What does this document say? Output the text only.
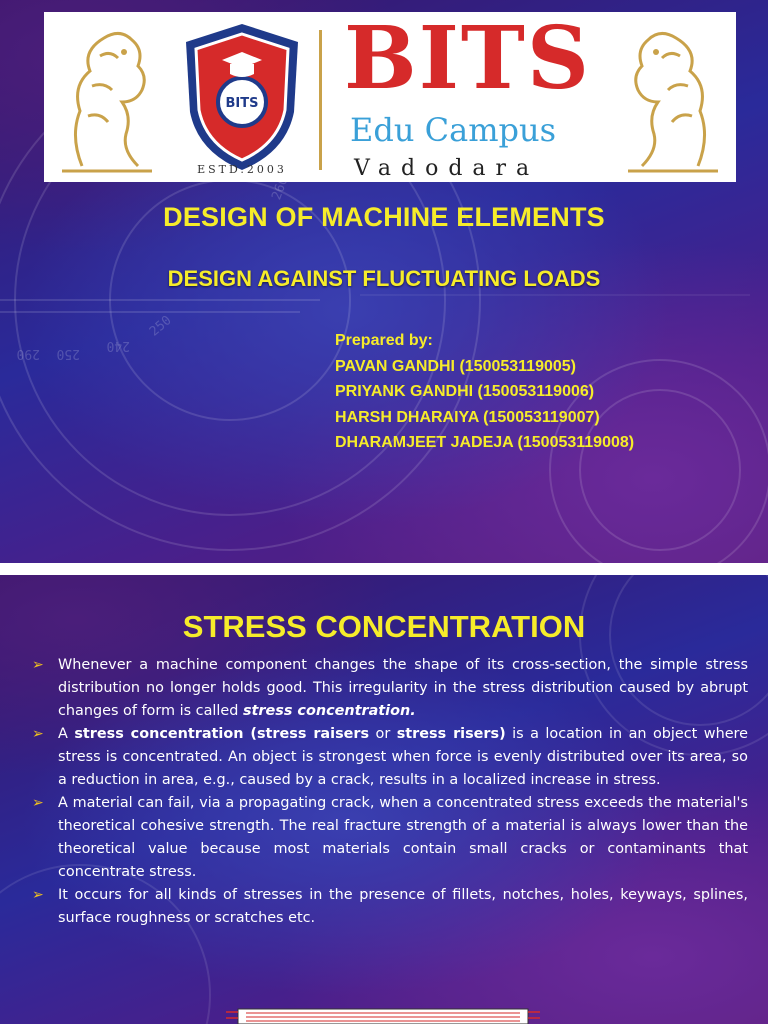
290 250
240
250
260
BITS
ESTD.2003
BITS
Edu Campus
Vadodara
DESIGN OF MACHINE ELEMENTS
DESIGN AGAINST FLUCTUATING LOADS
Prepared by:
PAVAN GANDHI (150053119005)
PRIYANK GANDHI (150053119006)
HARSH DHARAIYA (150053119007)
DHARAMJEET JADEJA (150053119008)
STRESS CONCENTRATION
➢ Whenever a machine component changes the shape of its cross-section, the simple stress distribution no longer holds good. This irregularity in the stress distribution caused by abrupt changes of form is called stress concentration.
➢ A stress concentration (stress raisers or stress risers) is a location in an object where stress is concentrated. An object is strongest when force is evenly distributed over its area, so a reduction in area, e.g., caused by a crack, results in a localized increase in stress.
➢ A material can fail, via a propagating crack, when a concentrated stress exceeds the material's theoretical cohesive strength. The real fracture strength of a material is always lower than the theoretical value because most materials contain small cracks or contaminants that concentrate stress.
➢ It occurs for all kinds of stresses in the presence of fillets, notches, holes, keyways, splines, surface roughness or scratches etc.
